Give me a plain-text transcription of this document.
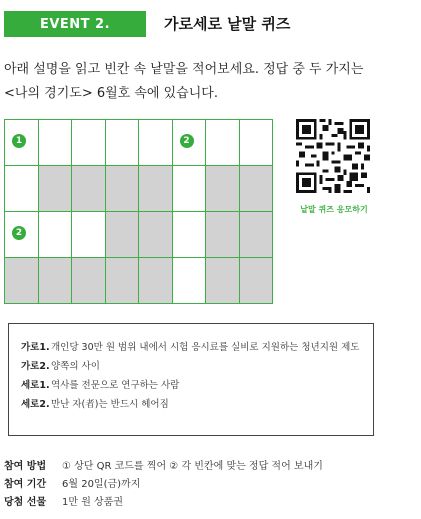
EVENT 2.	가로세로 낱말 퀴즈
아래 설명을 읽고 빈칸 속 낱말을 적어보세요. 정답 중 두 가지는
<나의 경기도> 6월호 속에 있습니다.
1	2
2
낱말 퀴즈 응모하기
가로1. 개인당 30만 원 범위 내에서 시험 응시료를 실비로 지원하는 청년지원 제도
가로2. 양쪽의 사이
세로1. 역사를 전문으로 연구하는 사람
세로2. 만난 자(者)는 반드시 헤어짐
참여 방법	① 상단 QR 코드를 찍어 ② 각 빈칸에 맞는 정답 적어 보내기
참여 기간	6월 20일(금)까지
당첨 선물	1만 원 상품권
